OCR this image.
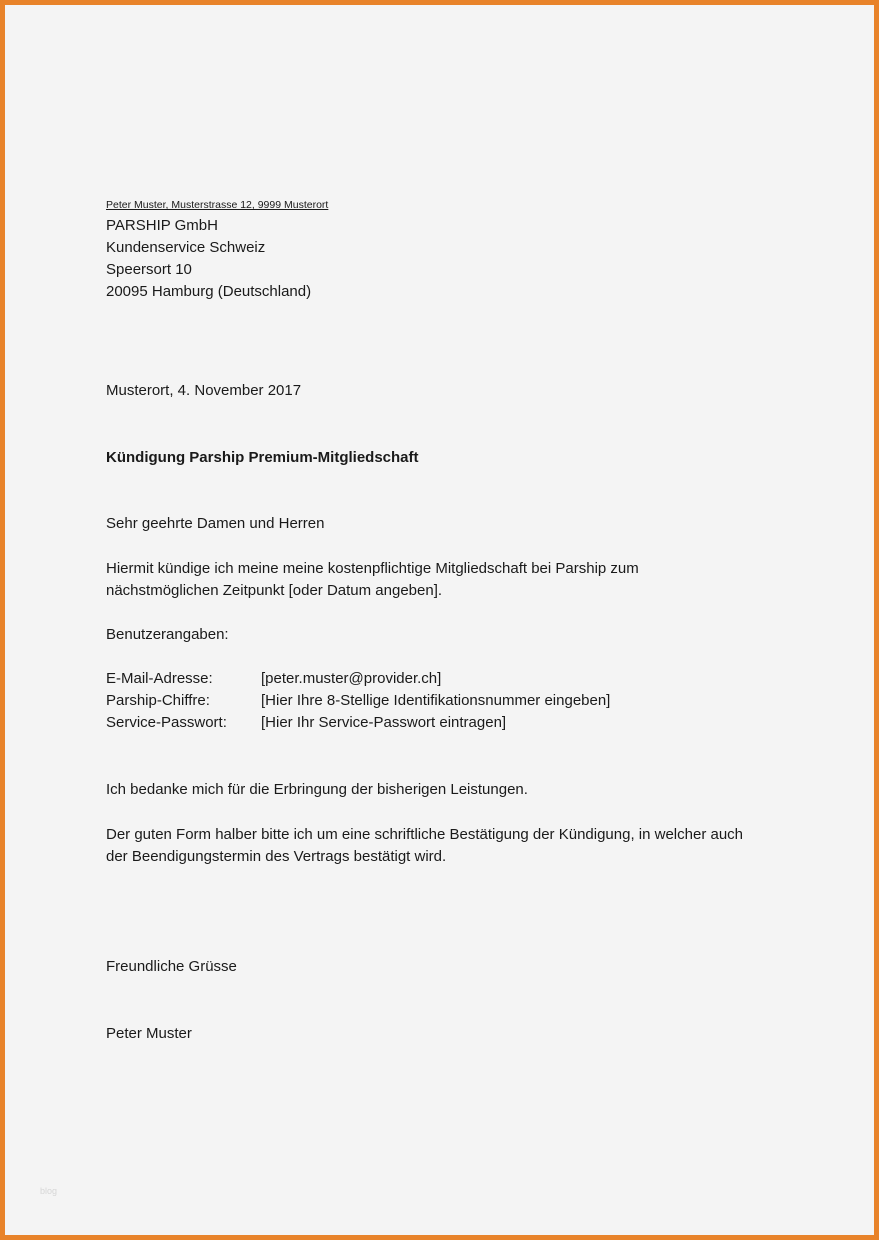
Peter Muster, Musterstrasse 12, 9999 Musterort
PARSHIP GmbH
Kundenservice Schweiz
Speersort 10
20095 Hamburg (Deutschland)
Musterort, 4. November 2017
Kündigung Parship Premium-Mitgliedschaft
Sehr geehrte Damen und Herren
Hiermit kündige ich meine meine kostenpflichtige Mitgliedschaft bei Parship zum
nächstmöglichen Zeitpunkt [oder Datum angeben].
Benutzerangaben:
E-Mail-Adresse:	[peter.muster@provider.ch]
Parship-Chiffre:	[Hier Ihre 8-Stellige Identifikationsnummer eingeben]
Service-Passwort: [Hier Ihr Service-Passwort eintragen]
Ich bedanke mich für die Erbringung der bisherigen Leistungen.
Der guten Form halber bitte ich um eine schriftliche Bestätigung der Kündigung, in welcher auch
der Beendigungstermin des Vertrags bestätigt wird.
Freundliche Grüsse
Peter Muster
blog
